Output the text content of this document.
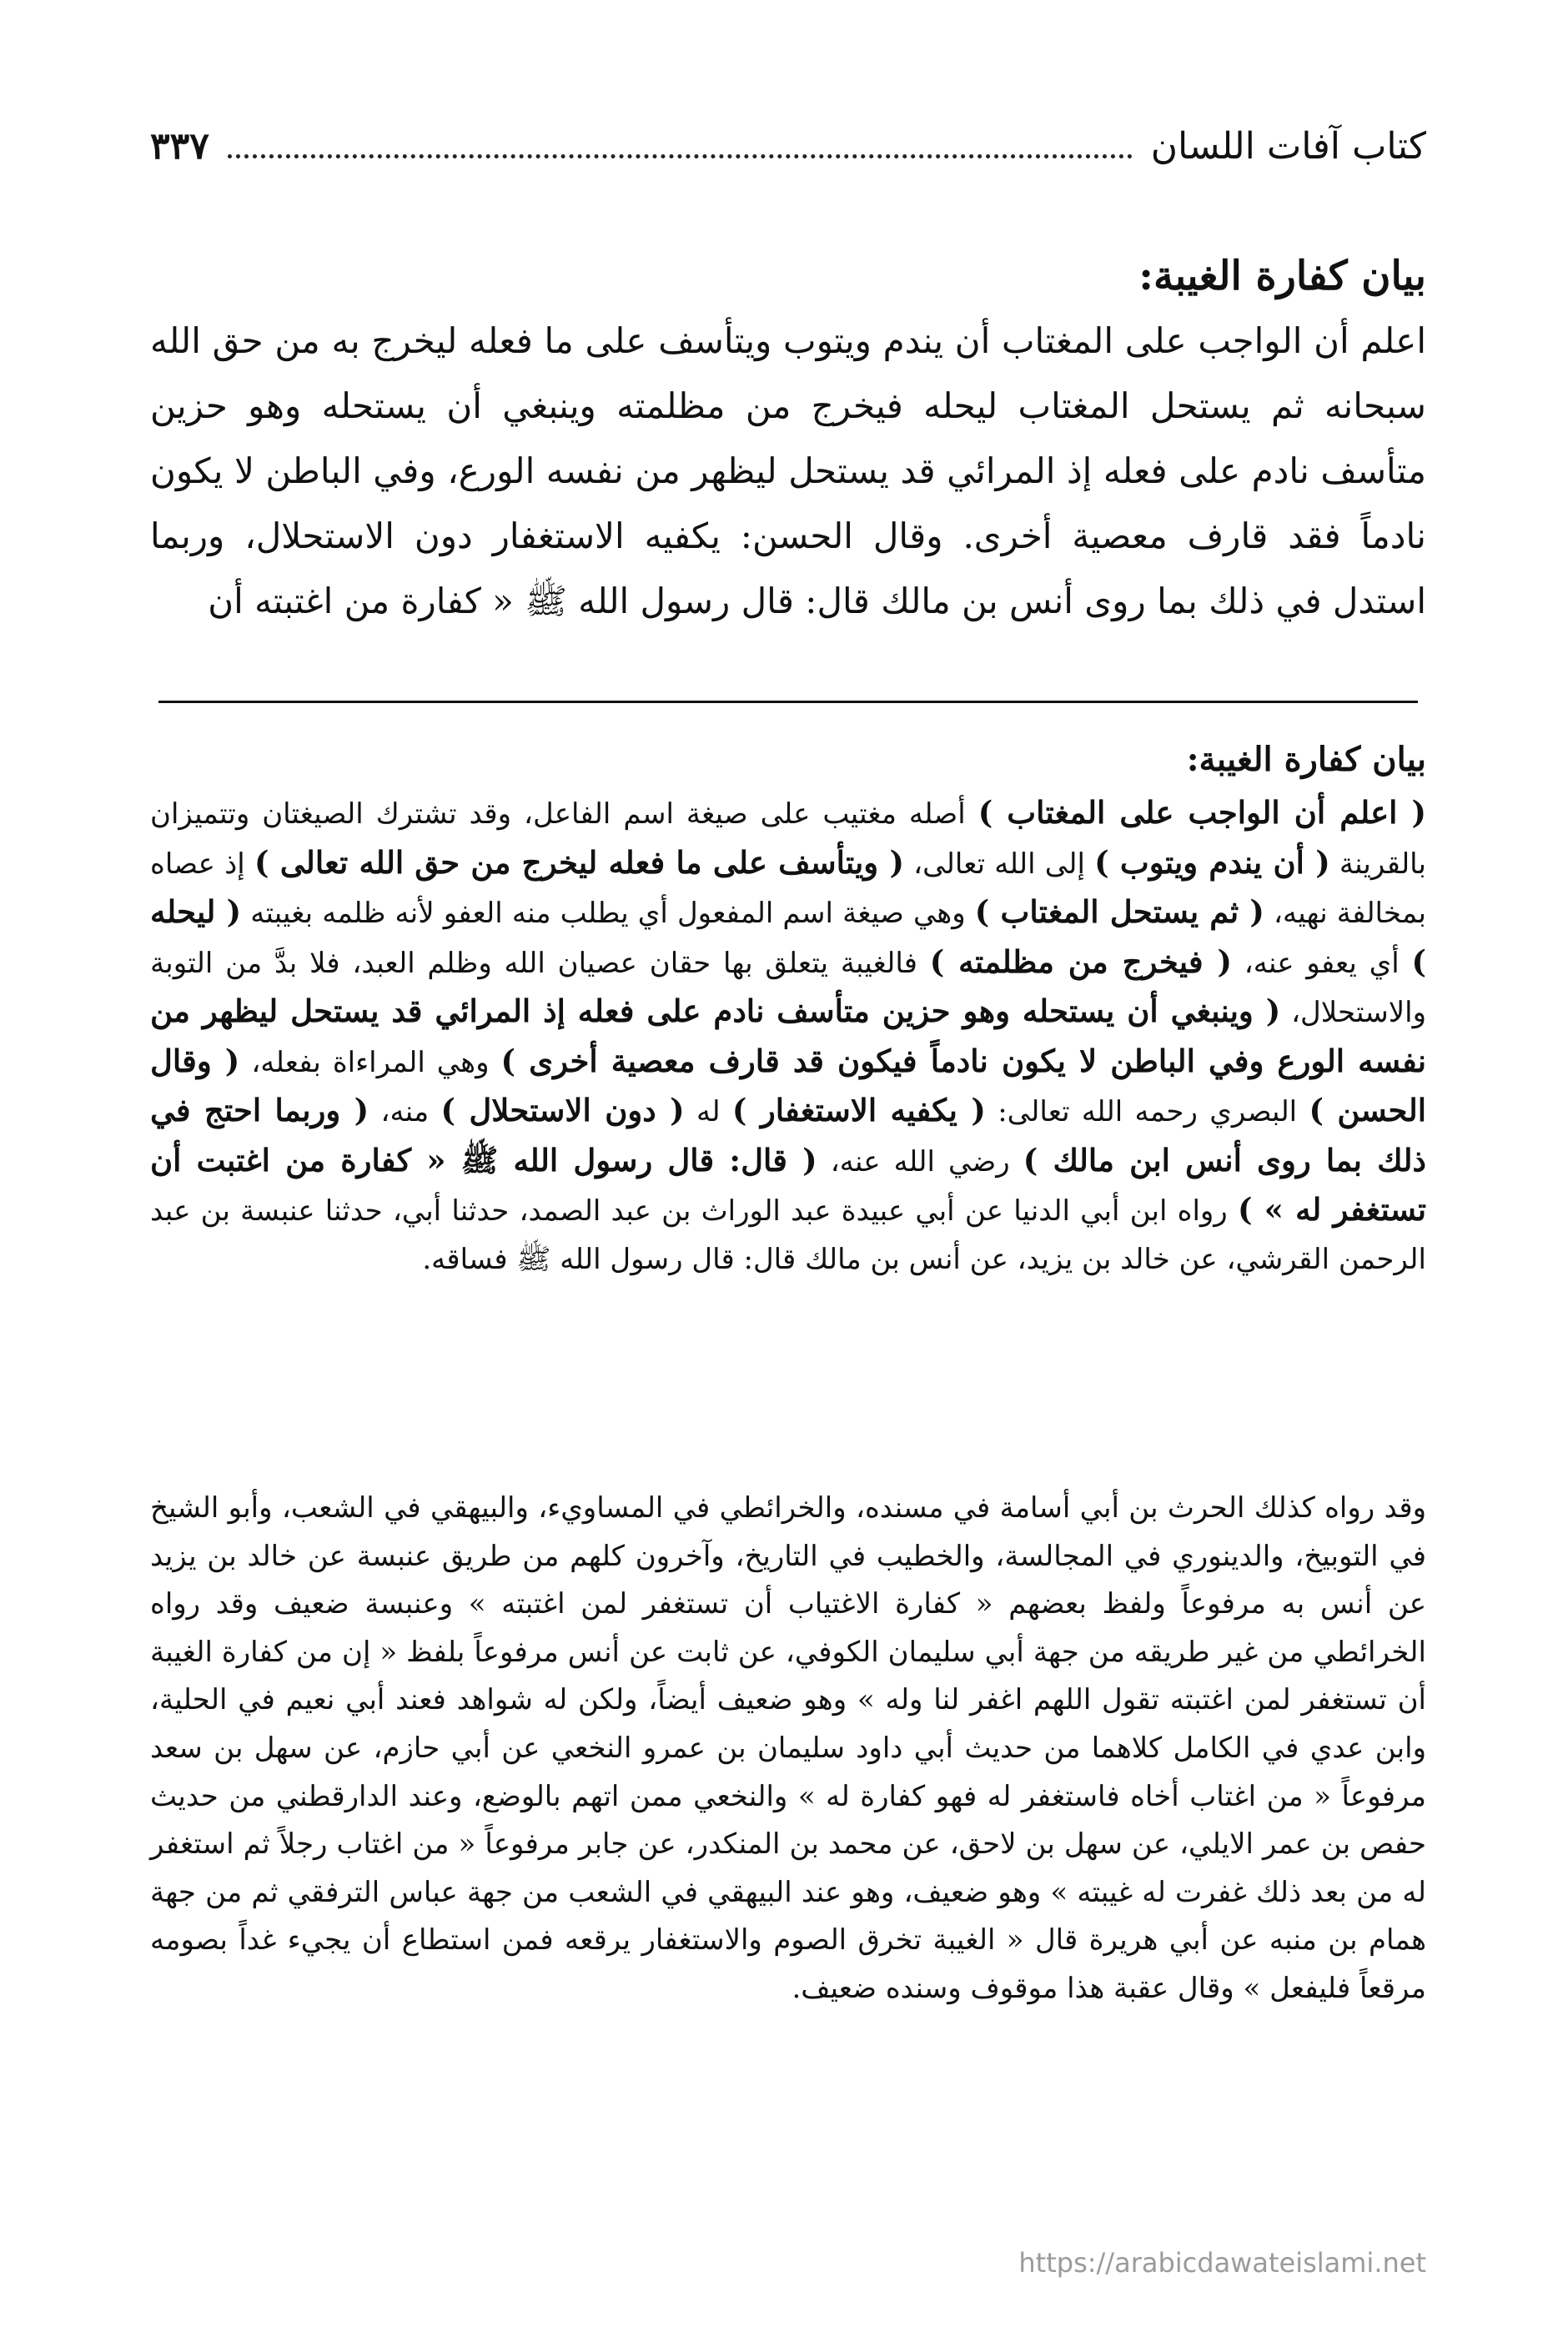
كتاب آفات اللسان
٣٣٧

بيان كفارة الغيبة:

اعلم أن الواجب على المغتاب أن يندم ويتوب ويتأسف على ما فعله ليخرج به من حق الله سبحانه ثم يستحل المغتاب ليحله فيخرج من مظلمته وينبغي أن يستحله وهو حزين متأسف نادم على فعله إذ المرائي قد يستحل ليظهر من نفسه الورع، وفي الباطن لا يكون نادماً فقد قارف معصية أخرى. وقال الحسن: يكفيه الاستغفار دون الاستحلال، وربما استدل في ذلك بما روى أنس بن مالك قال: قال رسول الله ﷺ « كفارة من اغتبته أن

بيان كفارة الغيبة:

( اعلم أن الواجب على المغتاب ) أصله مغتيب على صيغة اسم الفاعل، وقد تشترك الصيغتان وتتميزان بالقرينة ( أن يندم ويتوب ) إلى الله تعالى، ( ويتأسف على ما فعله ليخرج من حق الله تعالى ) إذ عصاه بمخالفة نهيه، ( ثم يستحل المغتاب ) وهي صيغة اسم المفعول أي يطلب منه العفو لأنه ظلمه بغيبته ( ليحله ) أي يعفو عنه، ( فيخرج من مظلمته ) فالغيبة يتعلق بها حقان عصيان الله وظلم العبد، فلا بدَّ من التوبة والاستحلال، ( وينبغي أن يستحله وهو حزين متأسف نادم على فعله إذ المرائي قد يستحل ليظهر من نفسه الورع وفي الباطن لا يكون نادماً فيكون قد قارف معصية أخرى ) وهي المراءاة بفعله، ( وقال الحسن ) البصري رحمه الله تعالى: ( يكفيه الاستغفار ) له ( دون الاستحلال ) منه، ( وربما احتج في ذلك بما روى أنس ابن مالك ) رضي الله عنه، ( قال: قال رسول الله ﷺ « كفارة من اغتبت أن تستغفر له » ) رواه ابن أبي الدنيا عن أبي عبيدة عبد الوراث بن عبد الصمد، حدثنا أبي، حدثنا عنبسة بن عبد الرحمن القرشي، عن خالد بن يزيد، عن أنس بن مالك قال: قال رسول الله ﷺ فساقه.

وقد رواه كذلك الحرث بن أبي أسامة في مسنده، والخرائطي في المساويء، والبيهقي في الشعب، وأبو الشيخ في التوبيخ، والدينوري في المجالسة، والخطيب في التاريخ، وآخرون كلهم من طريق عنبسة عن خالد بن يزيد عن أنس به مرفوعاً ولفظ بعضهم « كفارة الاغتياب أن تستغفر لمن اغتبته » وعنبسة ضعيف وقد رواه الخرائطي من غير طريقه من جهة أبي سليمان الكوفي، عن ثابت عن أنس مرفوعاً بلفظ « إن من كفارة الغيبة أن تستغفر لمن اغتبته تقول اللهم اغفر لنا وله » وهو ضعيف أيضاً، ولكن له شواهد فعند أبي نعيم في الحلية، وابن عدي في الكامل كلاهما من حديث أبي داود سليمان بن عمرو النخعي عن أبي حازم، عن سهل بن سعد مرفوعاً « من اغتاب أخاه فاستغفر له فهو كفارة له » والنخعي ممن اتهم بالوضع، وعند الدارقطني من حديث حفص بن عمر الايلي، عن سهل بن لاحق، عن محمد بن المنكدر، عن جابر مرفوعاً « من اغتاب رجلاً ثم استغفر له من بعد ذلك غفرت له غيبته » وهو ضعيف، وهو عند البيهقي في الشعب من جهة عباس الترفقي ثم من جهة همام بن منبه عن أبي هريرة قال « الغيبة تخرق الصوم والاستغفار يرقعه فمن استطاع أن يجيء غداً بصومه مرقعاً فليفعل » وقال عقبة هذا موقوف وسنده ضعيف.

https://arabicdawateislami.net
